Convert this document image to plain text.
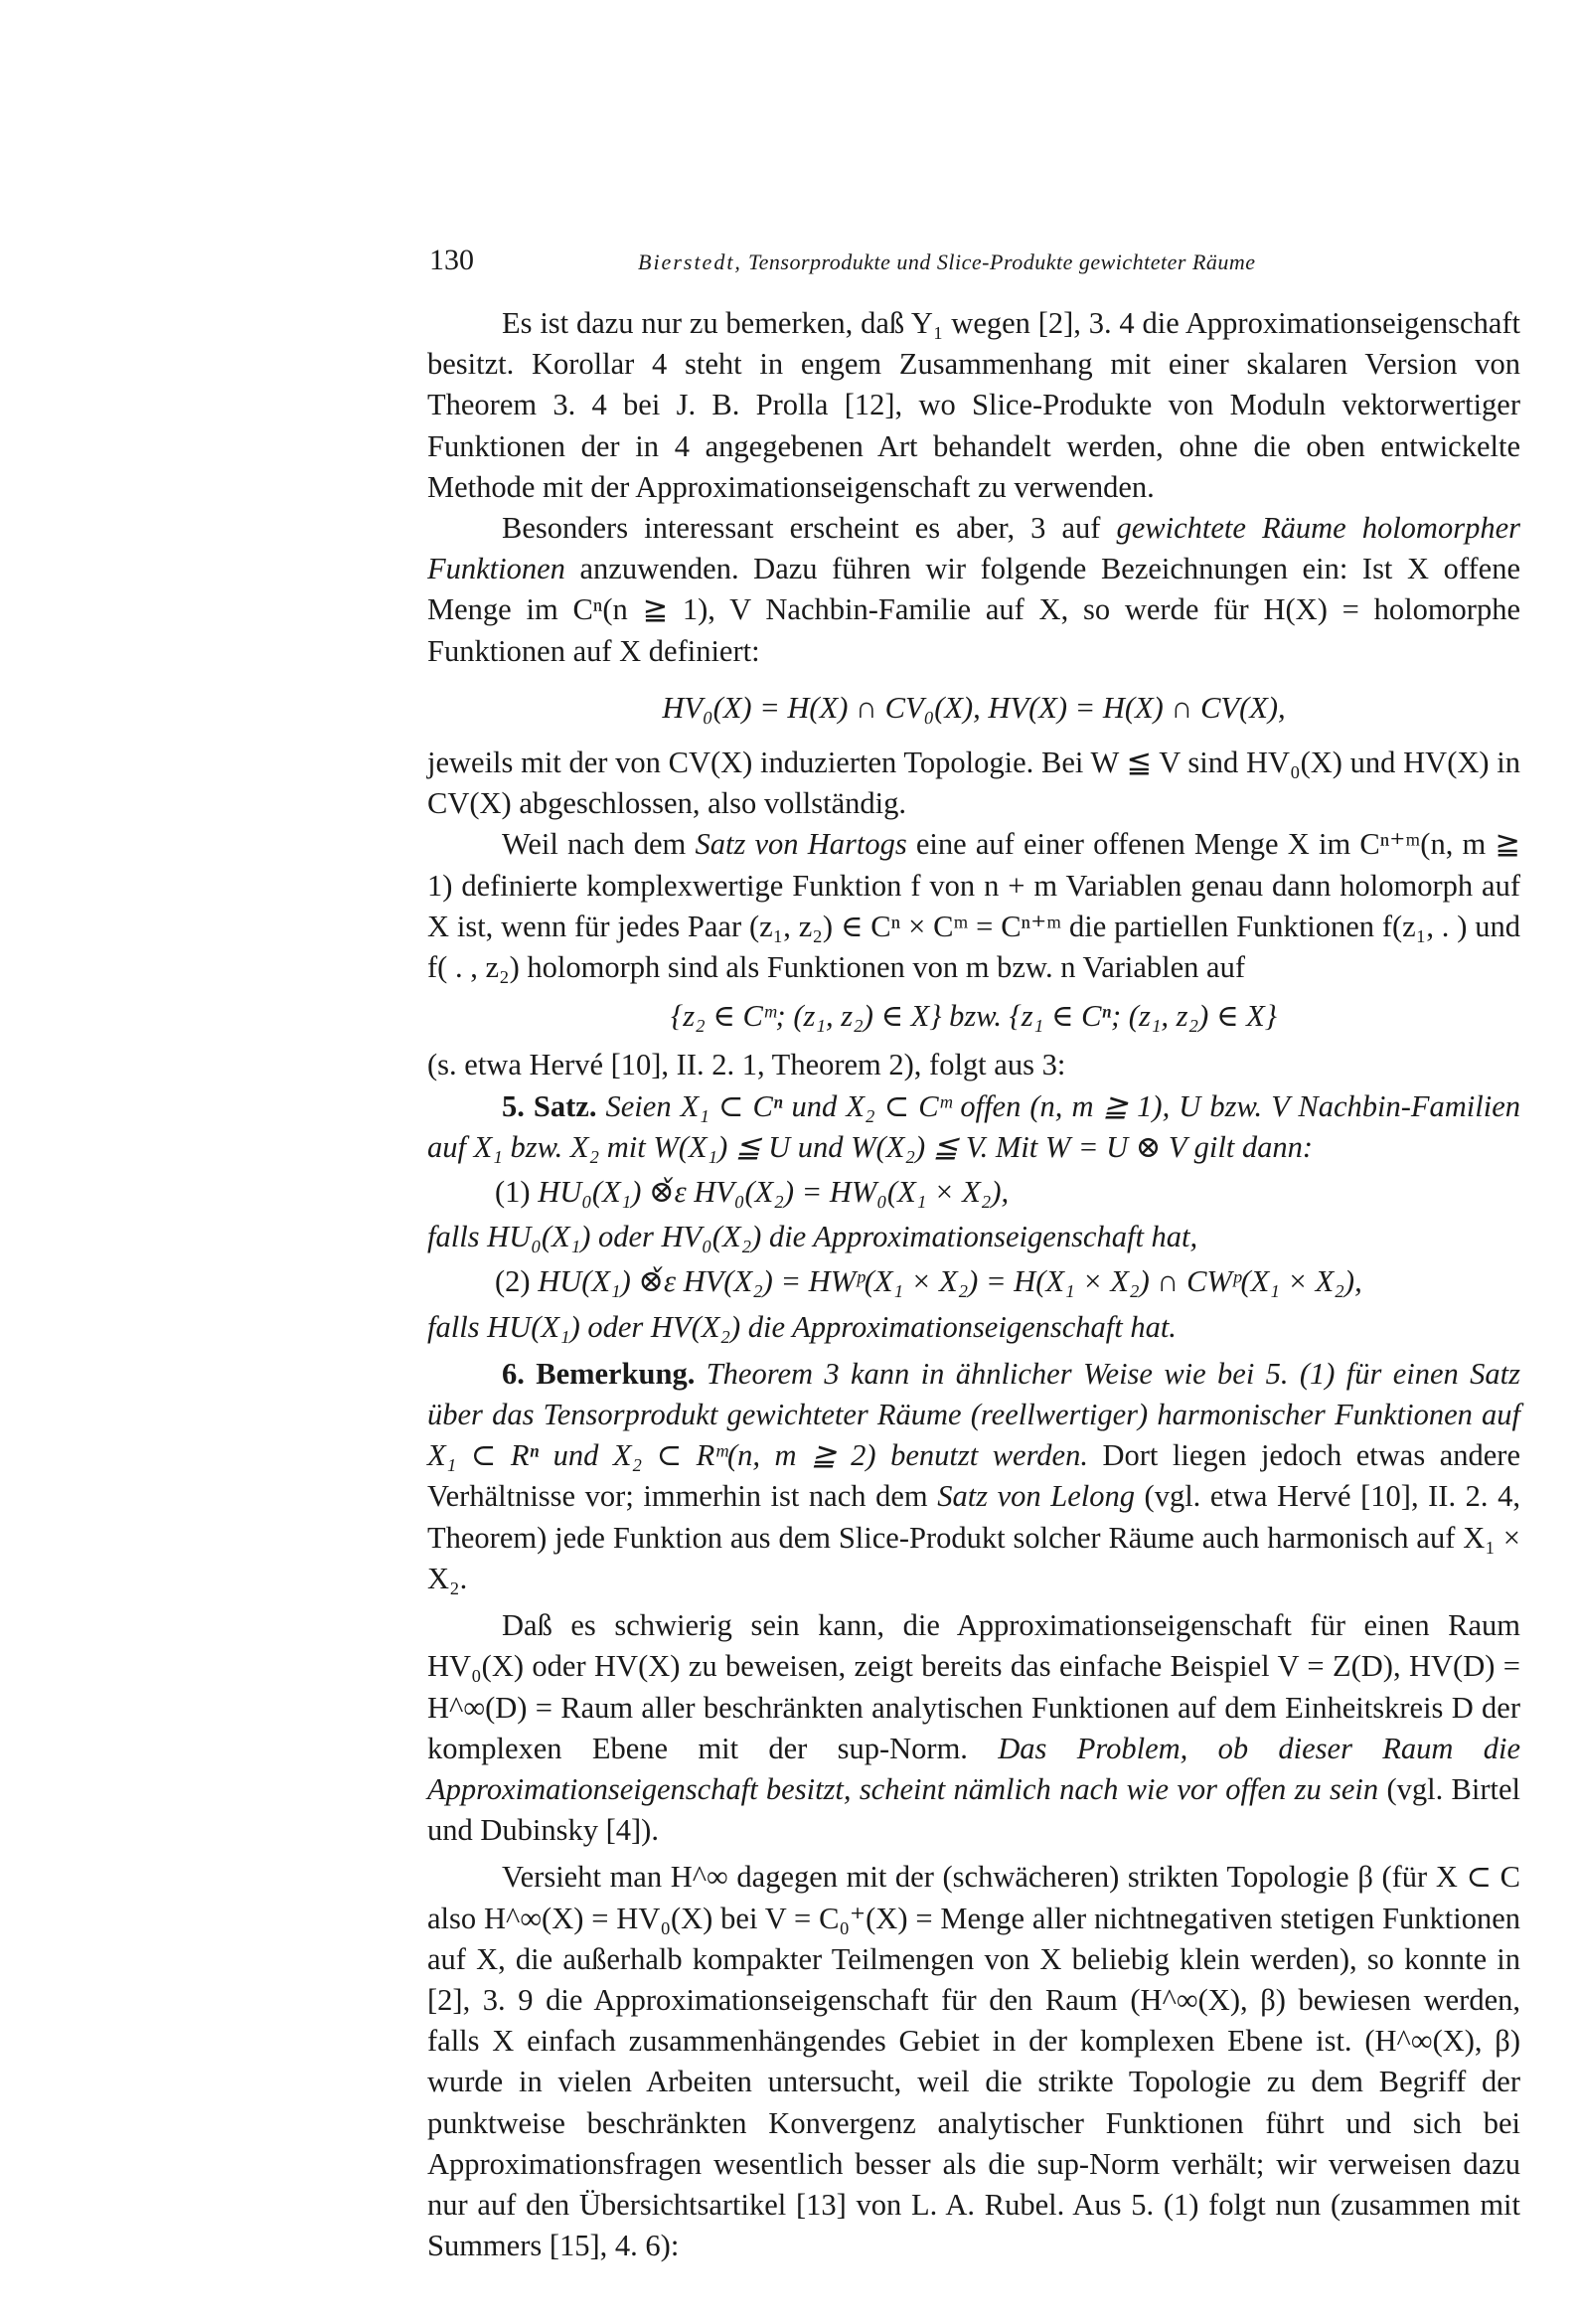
130	Bierstedt, Tensorprodukte und Slice-Produkte gewichteter Räume

Es ist dazu nur zu bemerken, daß Y₁ wegen [2], 3. 4 die Approximationseigenschaft besitzt. Korollar 4 steht in engem Zusammenhang mit einer skalaren Version von Theorem 3. 4 bei J. B. Prolla [12], wo Slice-Produkte von Moduln vektorwertiger Funktionen der in 4 angegebenen Art behandelt werden, ohne die oben entwickelte Methode mit der Approximationseigenschaft zu verwenden.

Besonders interessant erscheint es aber, 3 auf gewichtete Räume holomorpher Funktionen anzuwenden. Dazu führen wir folgende Bezeichnungen ein: Ist X offene Menge im Cⁿ(n ≧ 1), V Nachbin-Familie auf X, so werde für H(X) = holomorphe Funktionen auf X definiert:

HV₀(X) = H(X) ∩ CV₀(X), HV(X) = H(X) ∩ CV(X),

jeweils mit der von CV(X) induzierten Topologie. Bei W ≦ V sind HV₀(X) und HV(X) in CV(X) abgeschlossen, also vollständig.

Weil nach dem Satz von Hartogs eine auf einer offenen Menge X im Cⁿ⁺ᵐ(n, m ≧ 1) definierte komplexwertige Funktion f von n + m Variablen genau dann holomorph auf X ist, wenn für jedes Paar (z₁, z₂) ∈ Cⁿ × Cᵐ = Cⁿ⁺ᵐ die partiellen Funktionen f(z₁, . ) und f( . , z₂) holomorph sind als Funktionen von m bzw. n Variablen auf

{z₂ ∈ Cᵐ; (z₁, z₂) ∈ X} bzw. {z₁ ∈ Cⁿ; (z₁, z₂) ∈ X}

(s. etwa Hervé [10], II. 2. 1, Theorem 2), folgt aus 3:

5. Satz. Seien X₁ ⊂ Cⁿ und X₂ ⊂ Cᵐ offen (n, m ≧ 1), U bzw. V Nachbin-Familien auf X₁ bzw. X₂ mit W(X₁) ≦ U und W(X₂) ≦ V. Mit W = U ⊗ V gilt dann:

(1) HU₀(X₁) ⊗̌ε HV₀(X₂) = HW₀(X₁ × X₂),

falls HU₀(X₁) oder HV₀(X₂) die Approximationseigenschaft hat,

(2) HU(X₁) ⊗̌ε HV(X₂) = HWᵖ(X₁ × X₂) = H(X₁ × X₂) ∩ CWᵖ(X₁ × X₂),

falls HU(X₁) oder HV(X₂) die Approximationseigenschaft hat.

6. Bemerkung. Theorem 3 kann in ähnlicher Weise wie bei 5. (1) für einen Satz über das Tensorprodukt gewichteter Räume (reellwertiger) harmonischer Funktionen auf X₁ ⊂ Rⁿ und X₂ ⊂ Rᵐ(n, m ≧ 2) benutzt werden. Dort liegen jedoch etwas andere Verhältnisse vor; immerhin ist nach dem Satz von Lelong (vgl. etwa Hervé [10], II. 2. 4, Theorem) jede Funktion aus dem Slice-Produkt solcher Räume auch harmonisch auf X₁ × X₂.

Daß es schwierig sein kann, die Approximationseigenschaft für einen Raum HV₀(X) oder HV(X) zu beweisen, zeigt bereits das einfache Beispiel V = Z(D), HV(D) = H^∞(D) = Raum aller beschränkten analytischen Funktionen auf dem Einheitskreis D der komplexen Ebene mit der sup-Norm. Das Problem, ob dieser Raum die Approximationseigenschaft besitzt, scheint nämlich nach wie vor offen zu sein (vgl. Birtel und Dubinsky [4]).

Versieht man H^∞ dagegen mit der (schwächeren) strikten Topologie β (für X ⊂ C also H^∞(X) = HV₀(X) bei V = C₀⁺(X) = Menge aller nichtnegativen stetigen Funktionen auf X, die außerhalb kompakter Teilmengen von X beliebig klein werden), so konnte in [2], 3. 9 die Approximationseigenschaft für den Raum (H^∞(X), β) bewiesen werden, falls X einfach zusammenhängendes Gebiet in der komplexen Ebene ist. (H^∞(X), β) wurde in vielen Arbeiten untersucht, weil die strikte Topologie zu dem Begriff der punktweise beschränkten Konvergenz analytischer Funktionen führt und sich bei Approximationsfragen wesentlich besser als die sup-Norm verhält; wir verweisen dazu nur auf den Übersichtsartikel [13] von L. A. Rubel. Aus 5. (1) folgt nun (zusammen mit Summers [15], 4. 6):
